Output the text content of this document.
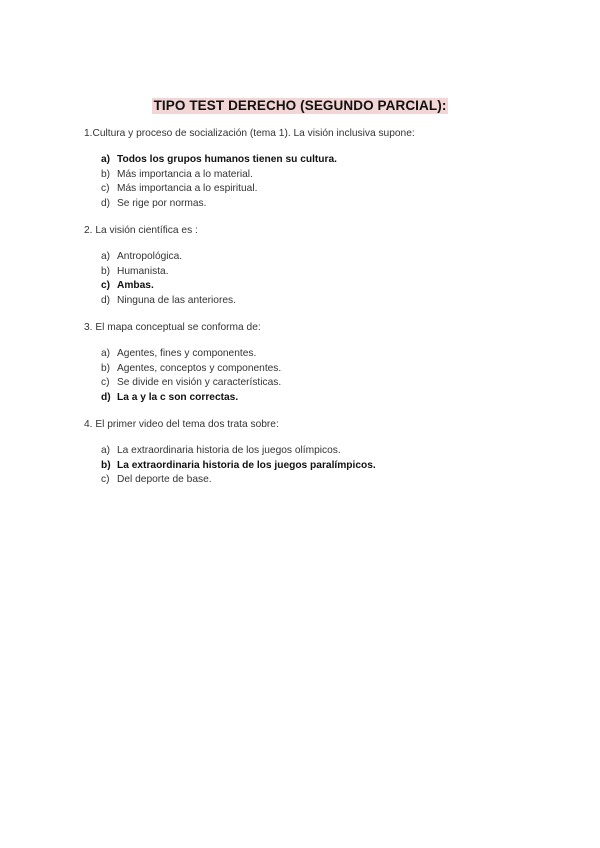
TIPO TEST DERECHO (SEGUNDO PARCIAL):
1.Cultura y proceso de socialización (tema 1). La visión inclusiva supone:
a) Todos los grupos humanos tienen su cultura.
b) Más importancia a lo material.
c) Más importancia a lo espiritual.
d) Se rige por normas.
2. La visión científica es :
a) Antropológica.
b) Humanista.
c) Ambas.
d) Ninguna de las anteriores.
3. El mapa conceptual se conforma de:
a) Agentes, fines y componentes.
b) Agentes, conceptos y componentes.
c) Se divide en visión y características.
d) La a y la c son correctas.
4. El primer video del tema dos trata sobre:
a) La extraordinaria historia de los juegos olímpicos.
b) La extraordinaria historia de los juegos paralímpicos.
c) Del deporte de base.
